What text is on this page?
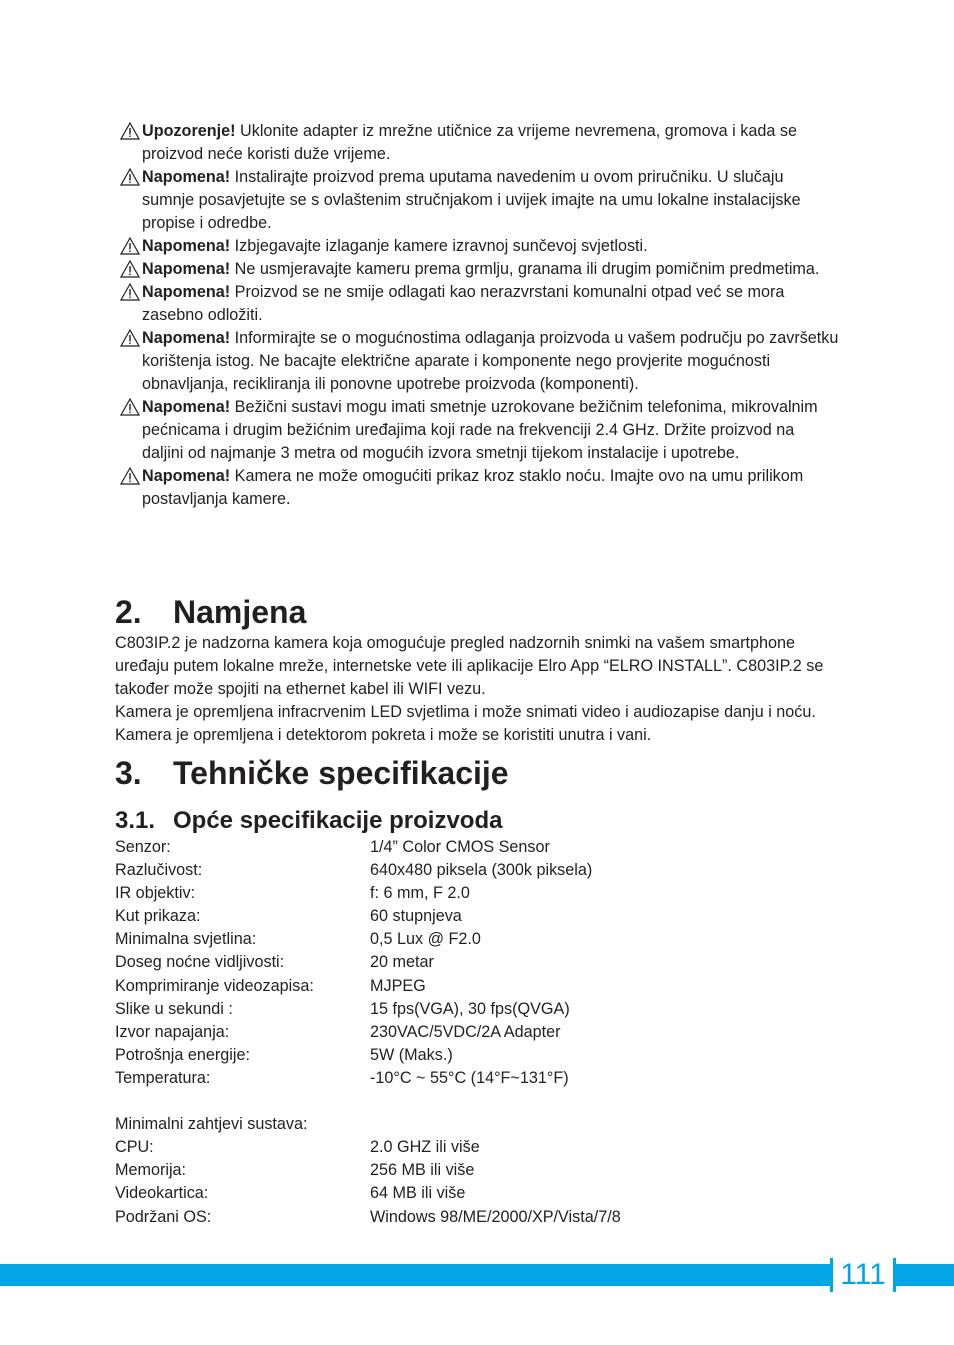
Upozorenje! Uklonite adapter iz mrežne utičnice za vrijeme nevremena, gromova i kada se proizvod neće koristi duže vrijeme.
Napomena! Instalirajte proizvod prema uputama navedenim u ovom priručniku. U slučaju sumnje posavjetujte se s ovlaštenim stručnjakom i uvijek imajte na umu lokalne instalacijske propise i odredbe.
Napomena! Izbjegavajte izlaganje kamere izravnoj sunčevoj svjetlosti.
Napomena! Ne usmjeravajte kameru prema grmlju, granama ili drugim pomičnim predmetima.
Napomena! Proizvod se ne smije odlagati kao nerazvrstani komunalni otpad već se mora zasebno odložiti.
Napomena! Informirajte se o mogućnostima odlaganja proizvoda u vašem području po završetku korištenja istog. Ne bacajte električne aparate i komponente nego provjerite mogućnosti obnavljanja, recikliranja ili ponovne upotrebe proizvoda (komponenti).
Napomena! Bežični sustavi mogu imati smetnje uzrokovane bežičnim telefonima, mikrovalnim pećnicama i drugim bežićnim uređajima koji rade na frekvenciji 2.4 GHz. Držite proizvod na daljini od najmanje 3 metra od mogućih izvora smetnji tijekom instalacije i upotrebe.
Napomena! Kamera ne može omogućiti prikaz kroz staklo noću. Imajte ovo na umu prilikom postavljanja kamere.
2. Namjena

C803IP.2 je nadzorna kamera koja omogućuje pregled nadzornih snimki na vašem smartphone uređaju putem lokalne mreže, internetske vete ili aplikacije Elro App “ELRO INSTALL”. C803IP.2 se također može spojiti na ethernet kabel ili WIFI vezu.

Kamera je opremljena infracrvenim LED svjetlima i može snimati video i audiozapise danju i noću. Kamera je opremljena i detektorom pokreta i može se koristiti unutra i vani.

3. Tehničke specifikacije
3.1. Opće specifikacije proizvoda
Senzor:	1/4” Color CMOS Sensor
Razlučivost:	640x480 piksela (300k piksela)
IR objektiv:	f: 6 mm, F 2.0
Kut prikaza:	60 stupnjeva
Minimalna svjetlina:	0,5 Lux @ F2.0
Doseg noćne vidljivosti:	20 metar
Komprimiranje videozapisa:	MJPEG
Slike u sekundi :	15 fps(VGA), 30 fps(QVGA)
Izvor napajanja:	230VAC/5VDC/2A Adapter
Potrošnja energije:	5W (Maks.)
Temperatura:	-10°C ~ 55°C (14°F~131°F)
Minimalni zahtjevi sustava:
CPU:	2.0 GHZ ili više
Memorija:	256 MB ili više
Videokartica:	64 MB ili više
Podržani OS:	Windows 98/ME/2000/XP/Vista/7/8
111
